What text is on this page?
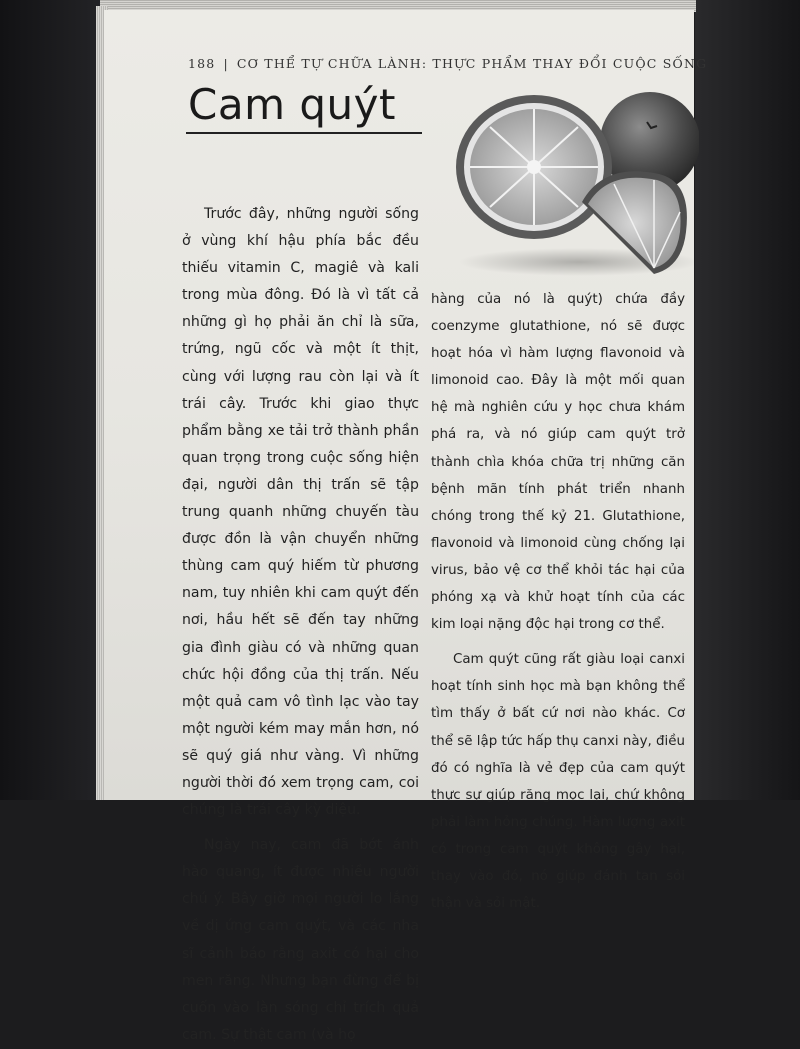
188 | CƠ THỂ TỰ CHỮA LÀNH: THỰC PHẨM THAY ĐỔI CUỘC SỐNG
Cam quýt

Trước đây, những người sống ở vùng khí hậu phía bắc đều thiếu vitamin C, magiê và kali trong mùa đông. Đó là vì tất cả những gì họ phải ăn chỉ là sữa, trứng, ngũ cốc và một ít thịt, cùng với lượng rau còn lại và ít trái cây. Trước khi giao thực phẩm bằng xe tải trở thành phần quan trọng trong cuộc sống hiện đại, người dân thị trấn sẽ tập trung quanh những chuyến tàu được đồn là vận chuyển những thùng cam quý hiếm từ phương nam, tuy nhiên khi cam quýt đến nơi, hầu hết sẽ đến tay những gia đình giàu có và những quan chức hội đồng của thị trấn. Nếu một quả cam vô tình lạc vào tay một người kém may mắn hơn, nó sẽ quý giá như vàng. Vì những người thời đó xem trọng cam, coi chúng là trái cây kỳ diệu.

Ngày nay, cam đã bớt ánh hào quang, ít được nhiều người chú ý. Bây giờ mọi người lo lắng về dị ứng cam quýt, và các nha sĩ cảnh báo rằng axit có hại cho men răng. Nhưng bạn đừng để bị cuốn vào làn sóng chỉ trích quả cam. Sự thật cam (và họ

hàng của nó là quýt) chứa đầy coenzyme glutathione, nó sẽ được hoạt hóa vì hàm lượng flavonoid và limonoid cao. Đây là một mối quan hệ mà nghiên cứu y học chưa khám phá ra, và nó giúp cam quýt trở thành chìa khóa chữa trị những căn bệnh mãn tính phát triển nhanh chóng trong thế kỷ 21. Glutathione, flavonoid và limonoid cùng chống lại virus, bảo vệ cơ thể khỏi tác hại của phóng xạ và khử hoạt tính của các kim loại nặng độc hại trong cơ thể.

Cam quýt cũng rất giàu loại canxi hoạt tính sinh học mà bạn không thể tìm thấy ở bất cứ nơi nào khác. Cơ thể sẽ lập tức hấp thụ canxi này, điều đó có nghĩa là vẻ đẹp của cam quýt thực sự giúp răng mọc lại, chứ không phải làm hỏng chúng. Hàm lượng axit có trong cam quýt không gây hại, thay vào đó, nó giúp đánh tan sỏi thận và sỏi mật.
